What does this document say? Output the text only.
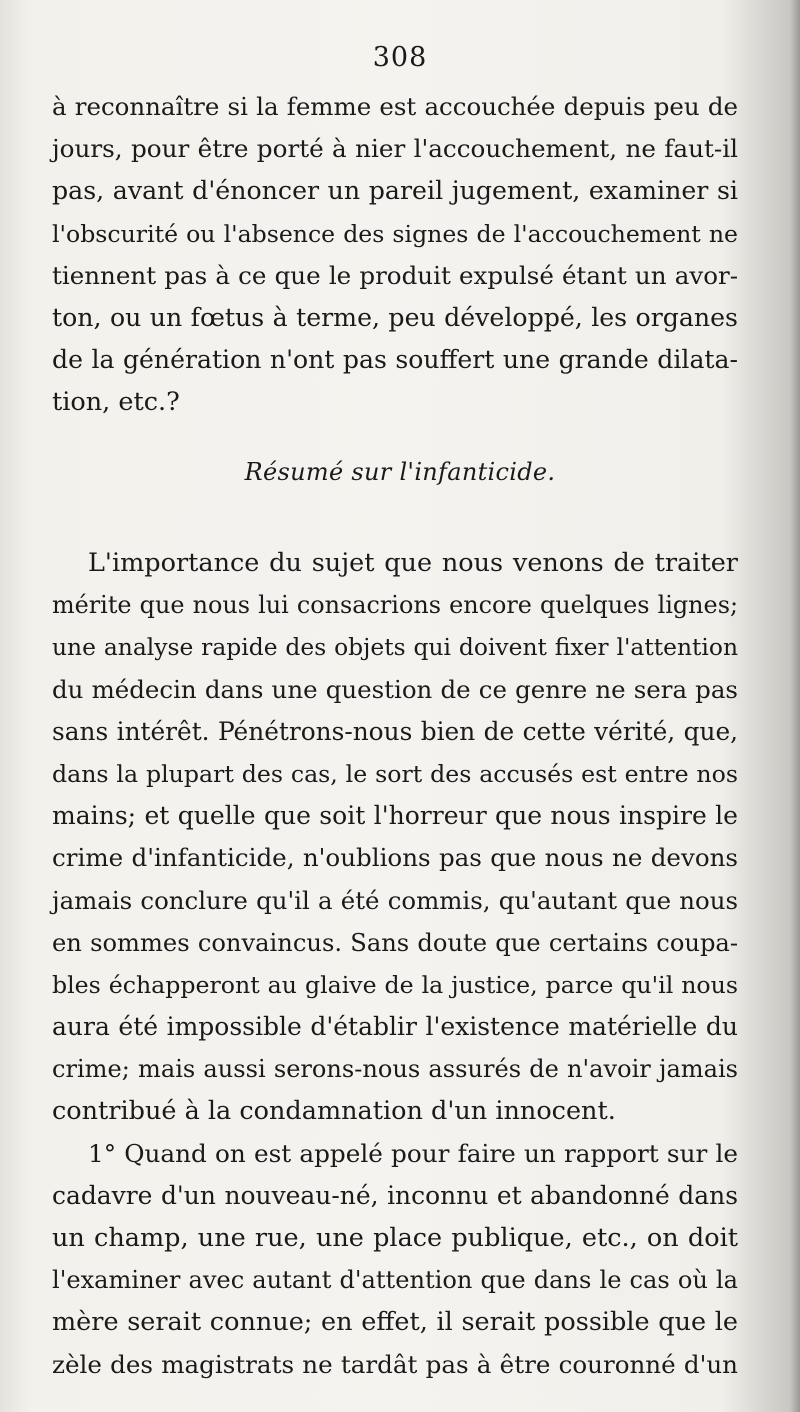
308
à reconnaître si la femme est accouchée depuis peu de
jours, pour être porté à nier l'accouchement, ne faut-il
pas, avant d'énoncer un pareil jugement, examiner si
l'obscurité ou l'absence des signes de l'accouchement ne
tiennent pas à ce que le produit expulsé étant un avor-
ton, ou un fœtus à terme, peu développé, les organes
de la génération n'ont pas souffert une grande dilata-
tion, etc.?
Résumé sur l'infanticide.
L'importance du sujet que nous venons de traiter
mérite que nous lui consacrions encore quelques lignes;
une analyse rapide des objets qui doivent fixer l'attention
du médecin dans une question de ce genre ne sera pas
sans intérêt. Pénétrons-nous bien de cette vérité, que,
dans la plupart des cas, le sort des accusés est entre nos
mains; et quelle que soit l'horreur que nous inspire le
crime d'infanticide, n'oublions pas que nous ne devons
jamais conclure qu'il a été commis, qu'autant que nous
en sommes convaincus. Sans doute que certains coupa-
bles échapperont au glaive de la justice, parce qu'il nous
aura été impossible d'établir l'existence matérielle du
crime; mais aussi serons-nous assurés de n'avoir jamais
contribué à la condamnation d'un innocent.
1° Quand on est appelé pour faire un rapport sur le
cadavre d'un nouveau-né, inconnu et abandonné dans
un champ, une rue, une place publique, etc., on doit
l'examiner avec autant d'attention que dans le cas où la
mère serait connue; en effet, il serait possible que le
zèle des magistrats ne tardât pas à être couronné d'un
